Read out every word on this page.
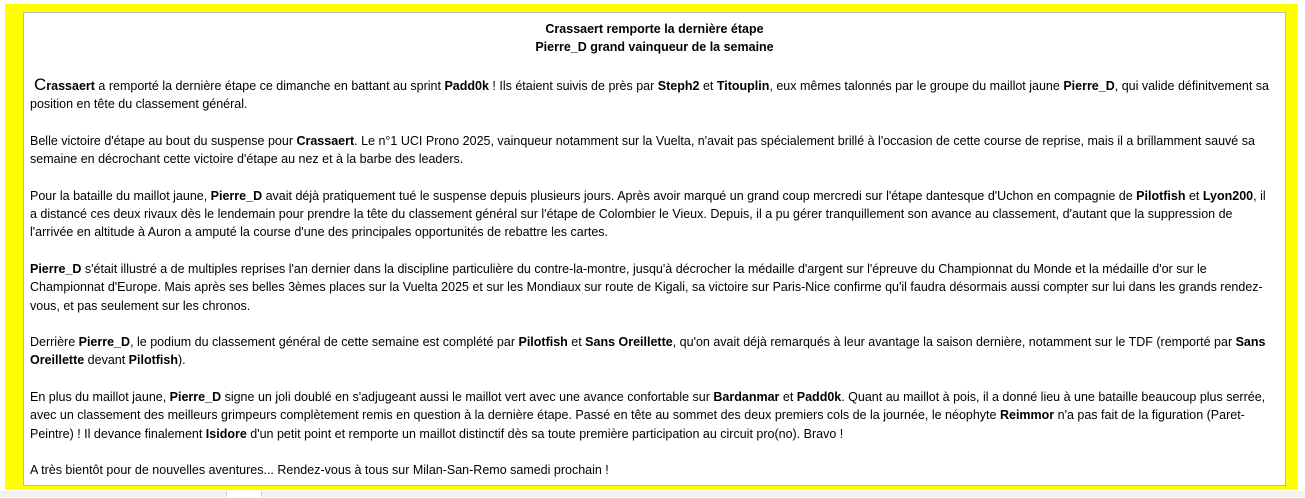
Crassaert remporte la dernière étape
Pierre_D grand vainqueur de la semaine

Crassaert a remporté la dernière étape ce dimanche en battant au sprint Padd0k ! Ils étaient suivis de près par Steph2 et Titouplin, eux mêmes talonnés par le groupe du maillot jaune Pierre_D, qui valide définitvement sa position en tête du classement général.

Belle victoire d'étape au bout du suspense pour Crassaert. Le n°1 UCI Prono 2025, vainqueur notamment sur la Vuelta, n'avait pas spécialement brillé à l'occasion de cette course de reprise, mais il a brillamment sauvé sa semaine en décrochant cette victoire d'étape au nez et à la barbe des leaders.

Pour la bataille du maillot jaune, Pierre_D avait déjà pratiquement tué le suspense depuis plusieurs jours. Après avoir marqué un grand coup mercredi sur l'étape dantesque d'Uchon en compagnie de Pilotfish et Lyon200, il a distancé ces deux rivaux dès le lendemain pour prendre la tête du classement général sur l'étape de Colombier le Vieux. Depuis, il a pu gérer tranquillement son avance au classement, d'autant que la suppression de l'arrivée en altitude à Auron a amputé la course d'une des principales opportunités de rebattre les cartes.

Pierre_D s'était illustré a de multiples reprises l'an dernier dans la discipline particulière du contre-la-montre, jusqu'à décrocher la médaille d'argent sur l'épreuve du Championnat du Monde et la médaille d'or sur le Championnat d'Europe. Mais après ses belles 3èmes places sur la Vuelta 2025 et sur les Mondiaux sur route de Kigali, sa victoire sur Paris-Nice confirme qu'il faudra désormais aussi compter sur lui dans les grands rendez-vous, et pas seulement sur les chronos.

Derrière Pierre_D, le podium du classement général de cette semaine est complété par Pilotfish et Sans Oreillette, qu'on avait déjà remarqués à leur avantage la saison dernière, notamment sur le TDF (remporté par Sans Oreillette devant Pilotfish).

En plus du maillot jaune, Pierre_D signe un joli doublé en s'adjugeant aussi le maillot vert avec une avance confortable sur Bardanmar et Padd0k. Quant au maillot à pois, il a donné lieu à une bataille beaucoup plus serrée, avec un classement des meilleurs grimpeurs complètement remis en question à la dernière étape. Passé en tête au sommet des deux premiers cols de la journée, le néophyte Reimmor n'a pas fait de la figuration (Paret-Peintre) ! Il devance finalement Isidore d'un petit point et remporte un maillot distinctif dès sa toute première participation au circuit pro(no). Bravo !

A très bientôt pour de nouvelles aventures... Rendez-vous à tous sur Milan-San-Remo samedi prochain !
